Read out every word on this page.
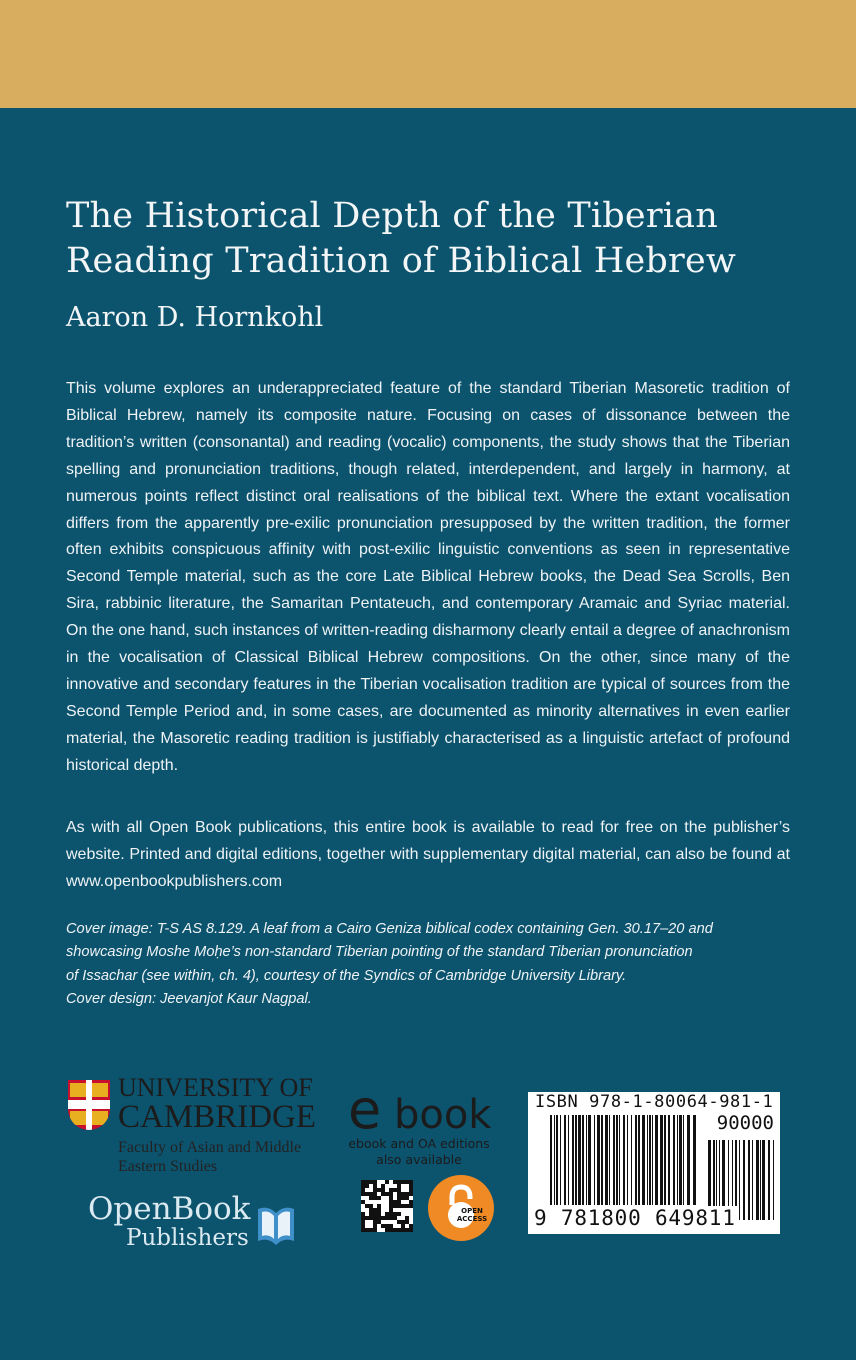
The Historical Depth of the Tiberian
Reading Tradition of Biblical Hebrew
Aaron D. Hornkohl

This volume explores an underappreciated feature of the standard Tiberian Masoretic tradition of Biblical Hebrew, namely its composite nature. Focusing on cases of dissonance between the tradition’s written (consonantal) and reading (vocalic) components, the study shows that the Tiberian spelling and pronunciation traditions, though related, interdependent, and largely in harmony, at numerous points reflect distinct oral realisations of the biblical text. Where the extant vocalisation differs from the apparently pre-exilic pronunciation presupposed by the written tradition, the former often exhibits conspicuous affinity with post-exilic linguistic conventions as seen in representative Second Temple material, such as the core Late Biblical Hebrew books, the Dead Sea Scrolls, Ben Sira, rabbinic literature, the Samaritan Pentateuch, and contemporary Aramaic and Syriac material. On the one hand, such instances of written-reading disharmony clearly entail a degree of anachronism in the vocalisation of Classical Biblical Hebrew compositions. On the other, since many of the innovative and secondary features in the Tiberian vocalisation tradition are typical of sources from the Second Temple Period and, in some cases, are documented as minority alternatives in even earlier material, the Masoretic reading tradition is justifiably characterised as a linguistic artefact of profound historical depth.

As with all Open Book publications, this entire book is available to read for free on the publisher’s website. Printed and digital editions, together with supplementary digital material, can also be found at www.openbookpublishers.com

Cover image: T-S AS 8.129. A leaf from a Cairo Geniza biblical codex containing Gen. 30.17–20 and
showcasing Moshe Moḥe’s non-standard Tiberian pointing of the standard Tiberian pronunciation
of Issachar (see within, ch. 4), courtesy of the Syndics of Cambridge University Library.
Cover design: Jeevanjot Kaur Nagpal.
UNIVERSITY OF
CAMBRIDGE
Faculty of Asian and Middle
Eastern Studies
OpenBook
Publishers
e book
ebook and OA editions
also available
OPEN ACCESS
ISBN 978-1-80064-981-1
90000
9 781800 649811
